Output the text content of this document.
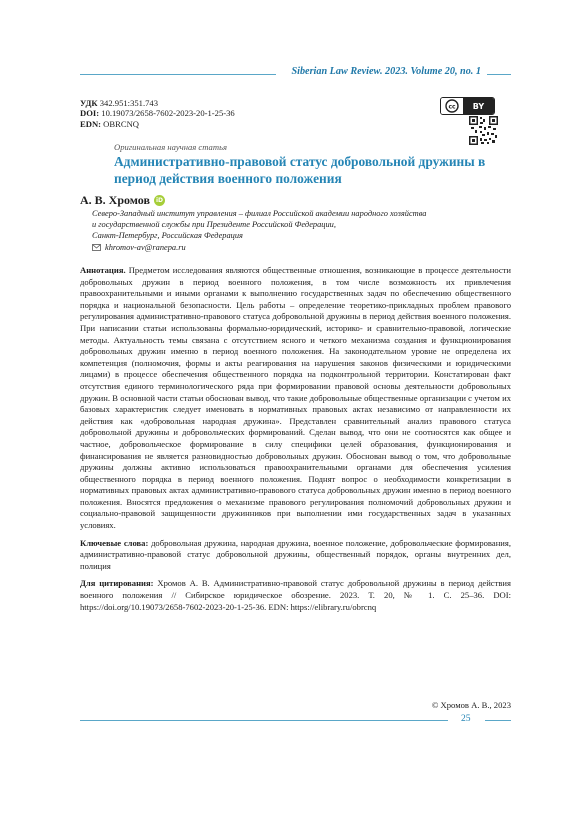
Siberian Law Review. 2023. Volume 20, no. 1
УДК 342.951:351.743
DOI: 10.19073/2658-7602-2023-20-1-25-36
EDN: OBRCNQ
cc	BY
Оригинальная научная статья
Административно-правовой статус добровольной дружины в период действия военного положения
А. В. Хромов iD
Северо-Западный институт управления – филиал Российской академии народного хозяйства
и государственной службы при Президенте Российской Федерации,
Санкт-Петербург, Российская Федерация
khromov-av@ranepa.ru

Аннотация. Предметом исследования являются общественные отношения, возникающие в процессе деятельности добровольных дружин в период военного положения, в том числе возможность их привлечения правоохранительными и иными органами к выполнению государственных задач по обеспечению общественного порядка и национальной безопасности. Цель работы – определение теоретико-прикладных проблем правового регулирования административно-правового статуса добровольной дружины в период действия военного положения. При написании статьи использованы формально-юридический, историко- и сравнительно-правовой, логические методы. Актуальность темы связана с отсутствием ясного и четкого механизма создания и функционирования добровольных дружин именно в период военного положения. На законодательном уровне не определена их компетенция (полномочия, формы и акты реагирования на нарушения законов физическими и юридическими лицами) в процессе обеспечения общественного порядка на подконтрольной территории. Констатирован факт отсутствия единого терминологического ряда при формировании правовой основы деятельности добровольных дружин. В основной части статьи обоснован вывод, что такие добровольные общественные организации с учетом их базовых характеристик следует именовать в нормативных правовых актах независимо от направленности их действия как «добровольная народная дружина». Представлен сравнительный анализ правового статуса добровольной дружины и добровольческих формирований. Сделан вывод, что они не соотносятся как общее и частное, добровольческое формирование в силу специфики целей образования, функционирования и финансирования не является разновидностью добровольных дружин. Обоснован вывод о том, что добровольные дружины должны активно использоваться правоохранительными органами для обеспечения усиления общественного порядка в период военного положения. Поднят вопрос о необходимости конкретизации в нормативных правовых актах административно-правового статуса добровольных дружин именно в период военного положения. Вносятся предложения о механизме правового регулирования полномочий добровольных дружин и социально-правовой защищенности дружинников при выполнении ими государственных задач в указанных условиях.

Ключевые слова: добровольная дружина, народная дружина, военное положение, добровольческие формирования, административно-правовой статус добровольной дружины, общественный порядок, органы внутренних дел, полиция

Для цитирования: Хромов А. В. Административно-правовой статус добровольной дружины в период действия военного положения // Сибирское юридическое обозрение. 2023. Т. 20, № 1. С. 25–36. DOI: https://doi.org/10.19073/2658-7602-2023-20-1-25-36. EDN: https://elibrary.ru/obrcnq

© Хромов А. В., 2023
25
